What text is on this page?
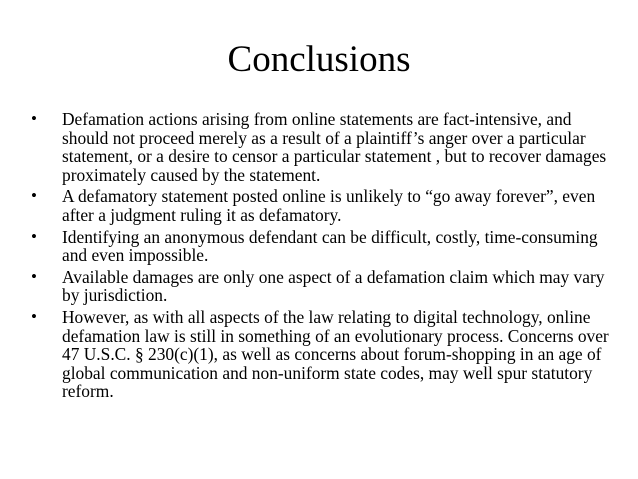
Conclusions
•	Defamation actions arising from online statements are fact-intensive, and should not proceed merely as a result of a plaintiff’s anger over a particular statement, or a desire to censor a particular statement , but to recover damages proximately caused by the statement.
•	A defamatory statement posted online is unlikely to “go away forever”, even after a judgment ruling it as defamatory.
•	Identifying an anonymous defendant can be difficult, costly, time-consuming and even impossible.
•	Available damages are only one aspect of a defamation claim which may vary by jurisdiction.
•	However, as with all aspects of the law relating to digital technology, online defamation law is still in something of an evolutionary process. Concerns over 47 U.S.C. § 230(c)(1), as well as concerns about forum-shopping in an age of global communication and non-uniform state codes, may well spur statutory reform.
